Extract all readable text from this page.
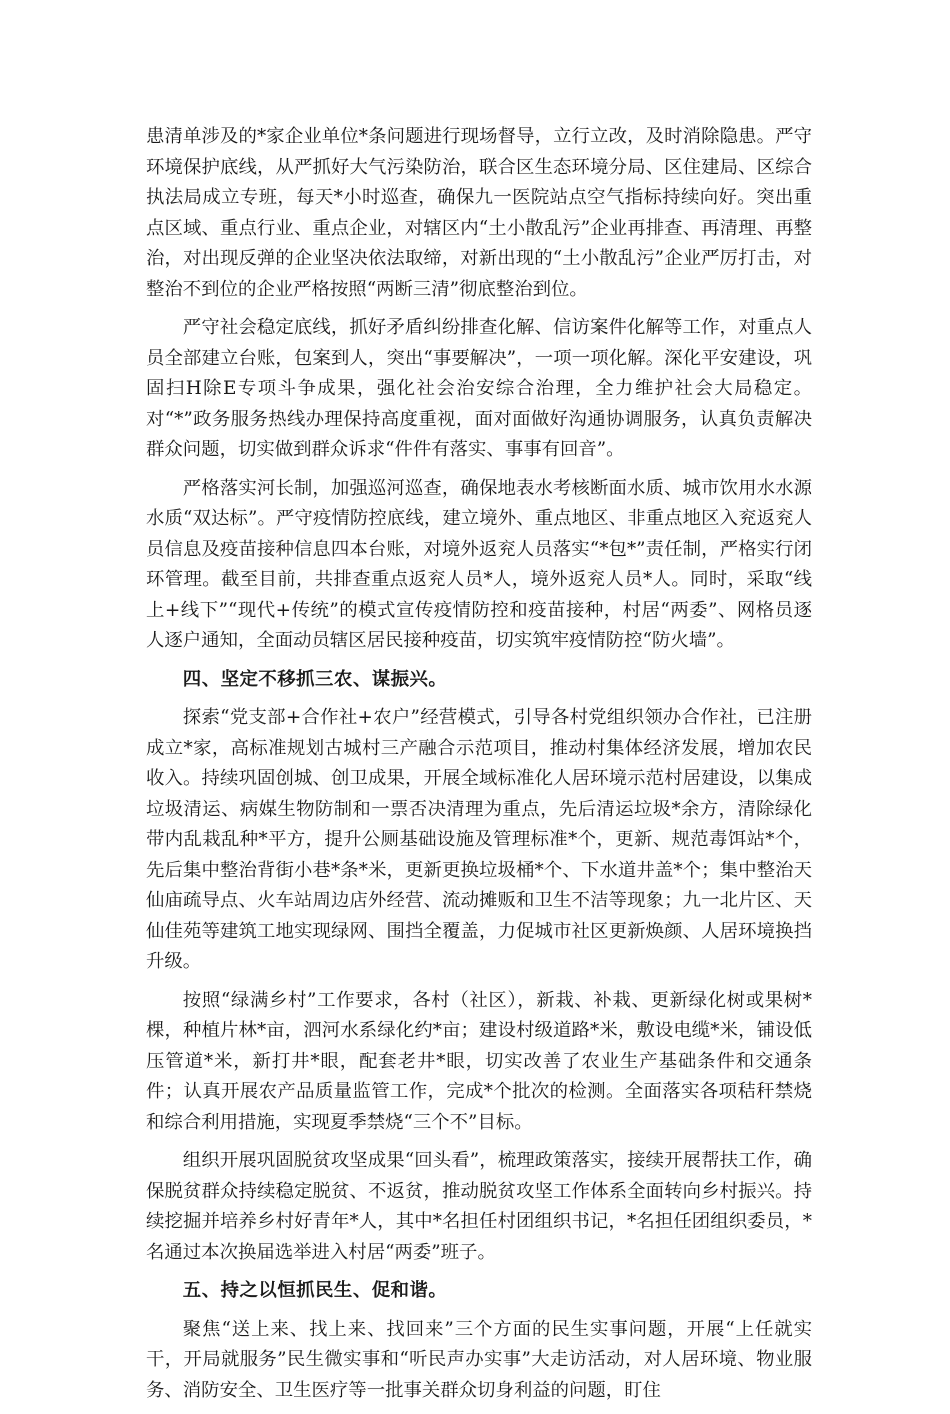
患清单涉及的*家企业单位*条问题进行现场督导，立行立改，及时消除隐患。严守环境保护底线，从严抓好大气污染防治，联合区生态环境分局、区住建局、区综合执法局成立专班，每天*小时巡查，确保九一医院站点空气指标持续向好。突出重点区域、重点行业、重点企业，对辖区内“土小散乱污”企业再排查、再清理、再整治，对出现反弹的企业坚决依法取缔，对新出现的“土小散乱污”企业严厉打击，对整治不到位的企业严格按照“两断三清”彻底整治到位。

严守社会稳定底线，抓好矛盾纠纷排查化解、信访案件化解等工作，对重点人员全部建立台账，包案到人，突出“事要解决”，一项一项化解。深化平安建设，巩固扫H除E专项斗争成果，强化社会治安综合治理，全力维护社会大局稳定。对“*”政务服务热线办理保持高度重视，面对面做好沟通协调服务，认真负责解决群众问题，切实做到群众诉求“件件有落实、事事有回音”。

严格落实河长制，加强巡河巡查，确保地表水考核断面水质、城市饮用水水源水质“双达标”。严守疫情防控底线，建立境外、重点地区、非重点地区入兖返兖人员信息及疫苗接种信息四本台账，对境外返兖人员落实“*包*”责任制，严格实行闭环管理。截至目前，共排查重点返兖人员*人，境外返兖人员*人。同时，采取“线上+线下”“现代+传统”的模式宣传疫情防控和疫苗接种，村居“两委”、网格员逐人逐户通知，全面动员辖区居民接种疫苗，切实筑牢疫情防控“防火墙”。

四、坚定不移抓三农、谋振兴。

探索“党支部+合作社+农户”经营模式，引导各村党组织领办合作社，已注册成立*家，高标准规划古城村三产融合示范项目，推动村集体经济发展，增加农民收入。持续巩固创城、创卫成果，开展全域标准化人居环境示范村居建设，以集成垃圾清运、病媒生物防制和一票否决清理为重点，先后清运垃圾*余方，清除绿化带内乱栽乱种*平方，提升公厕基础设施及管理标准*个，更新、规范毒饵站*个，先后集中整治背街小巷*条*米，更新更换垃圾桶*个、下水道井盖*个；集中整治天仙庙疏导点、火车站周边店外经营、流动摊贩和卫生不洁等现象；九一北片区、天仙佳苑等建筑工地实现绿网、围挡全覆盖，力促城市社区更新焕颜、人居环境换挡升级。

按照“绿满乡村”工作要求，各村（社区），新栽、补栽、更新绿化树或果树*棵，种植片林*亩，泗河水系绿化约*亩；建设村级道路*米，敷设电缆*米，铺设低压管道*米，新打井*眼，配套老井*眼，切实改善了农业生产基础条件和交通条件；认真开展农产品质量监管工作，完成*个批次的检测。全面落实各项秸秆禁烧和综合利用措施，实现夏季禁烧“三个不”目标。

组织开展巩固脱贫攻坚成果“回头看”，梳理政策落实，接续开展帮扶工作，确保脱贫群众持续稳定脱贫、不返贫，推动脱贫攻坚工作体系全面转向乡村振兴。持续挖掘并培养乡村好青年*人，其中*名担任村团组织书记，*名担任团组织委员，*名通过本次换届选举进入村居“两委”班子。

五、持之以恒抓民生、促和谐。

聚焦“送上来、找上来、找回来”三个方面的民生实事问题，开展“上任就实干，开局就服务”民生微实事和“听民声办实事”大走访活动，对人居环境、物业服务、消防安全、卫生医疗等一批事关群众切身利益的问题，盯住
